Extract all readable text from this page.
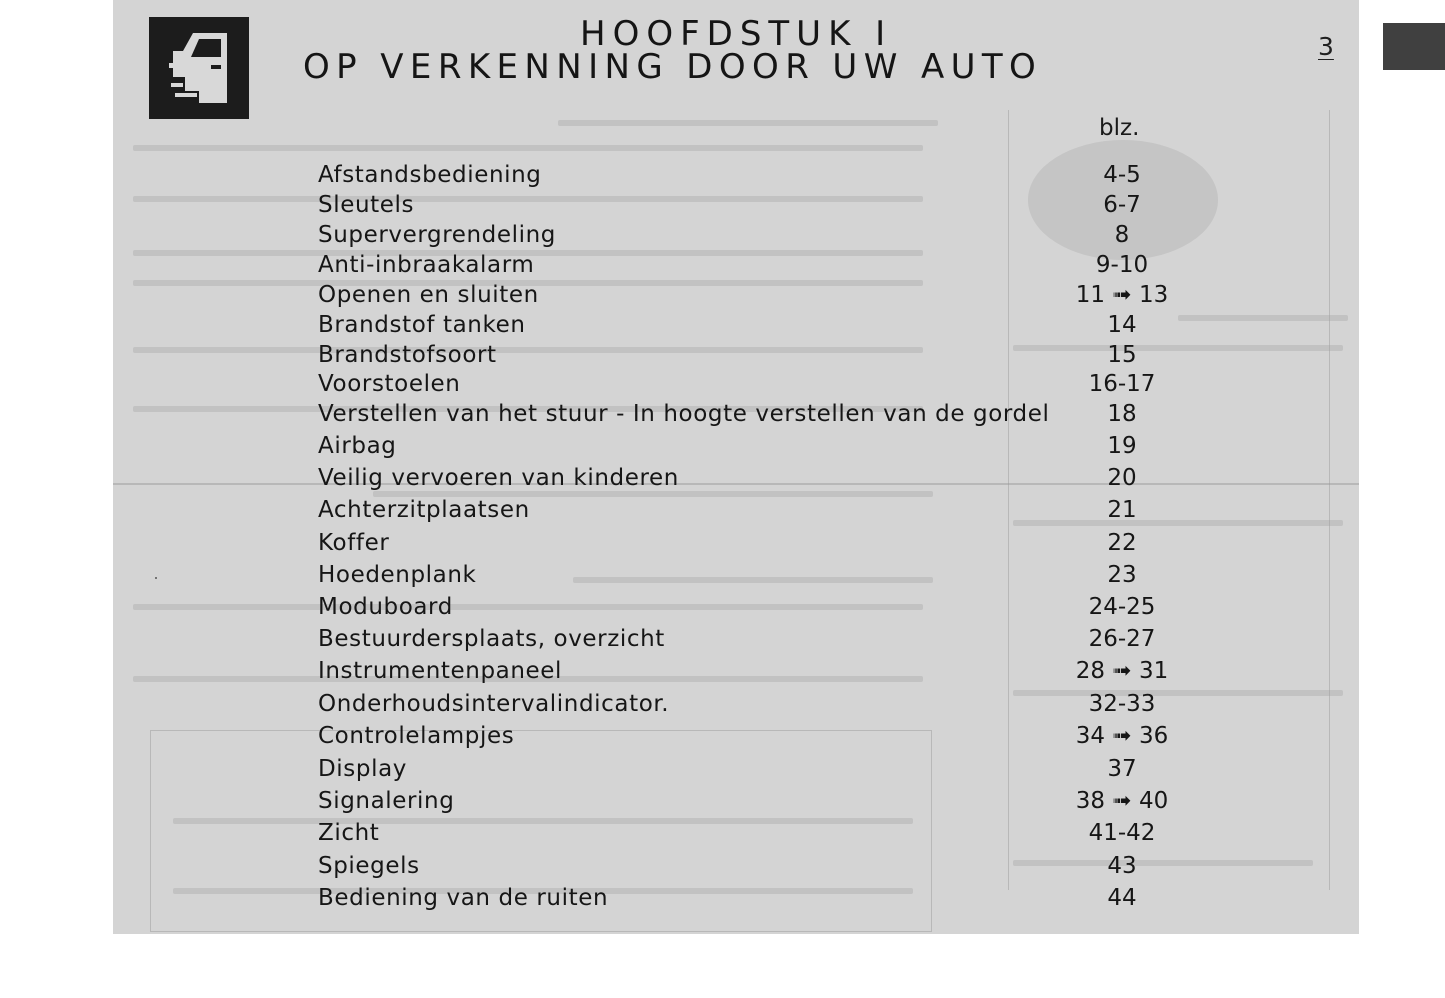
HOOFDSTUK I
OP VERKENNING DOOR UW AUTO
3
blz.
Afstandsbediening	4-5
Sleutels	6-7
Supervergrendeling	8
Anti-inbraakalarm	9-10
Openen en sluiten	11 ➟ 13
Brandstof tanken	14
Brandstofsoort	15
Voorstoelen	16-17
Verstellen van het stuur - In hoogte verstellen van de gordel	18
Airbag	19
Veilig vervoeren van kinderen	20
Achterzitplaatsen	21
Koffer	22
Hoedenplank	23
Moduboard	24-25
Bestuurdersplaats, overzicht	26-27
Instrumentenpaneel	28 ➟ 31
Onderhoudsintervalindicator.	32-33
Controlelampjes	34 ➟ 36
Display	37
Signalering	38 ➟ 40
Zicht	41-42
Spiegels	43
Bediening van de ruiten	44
